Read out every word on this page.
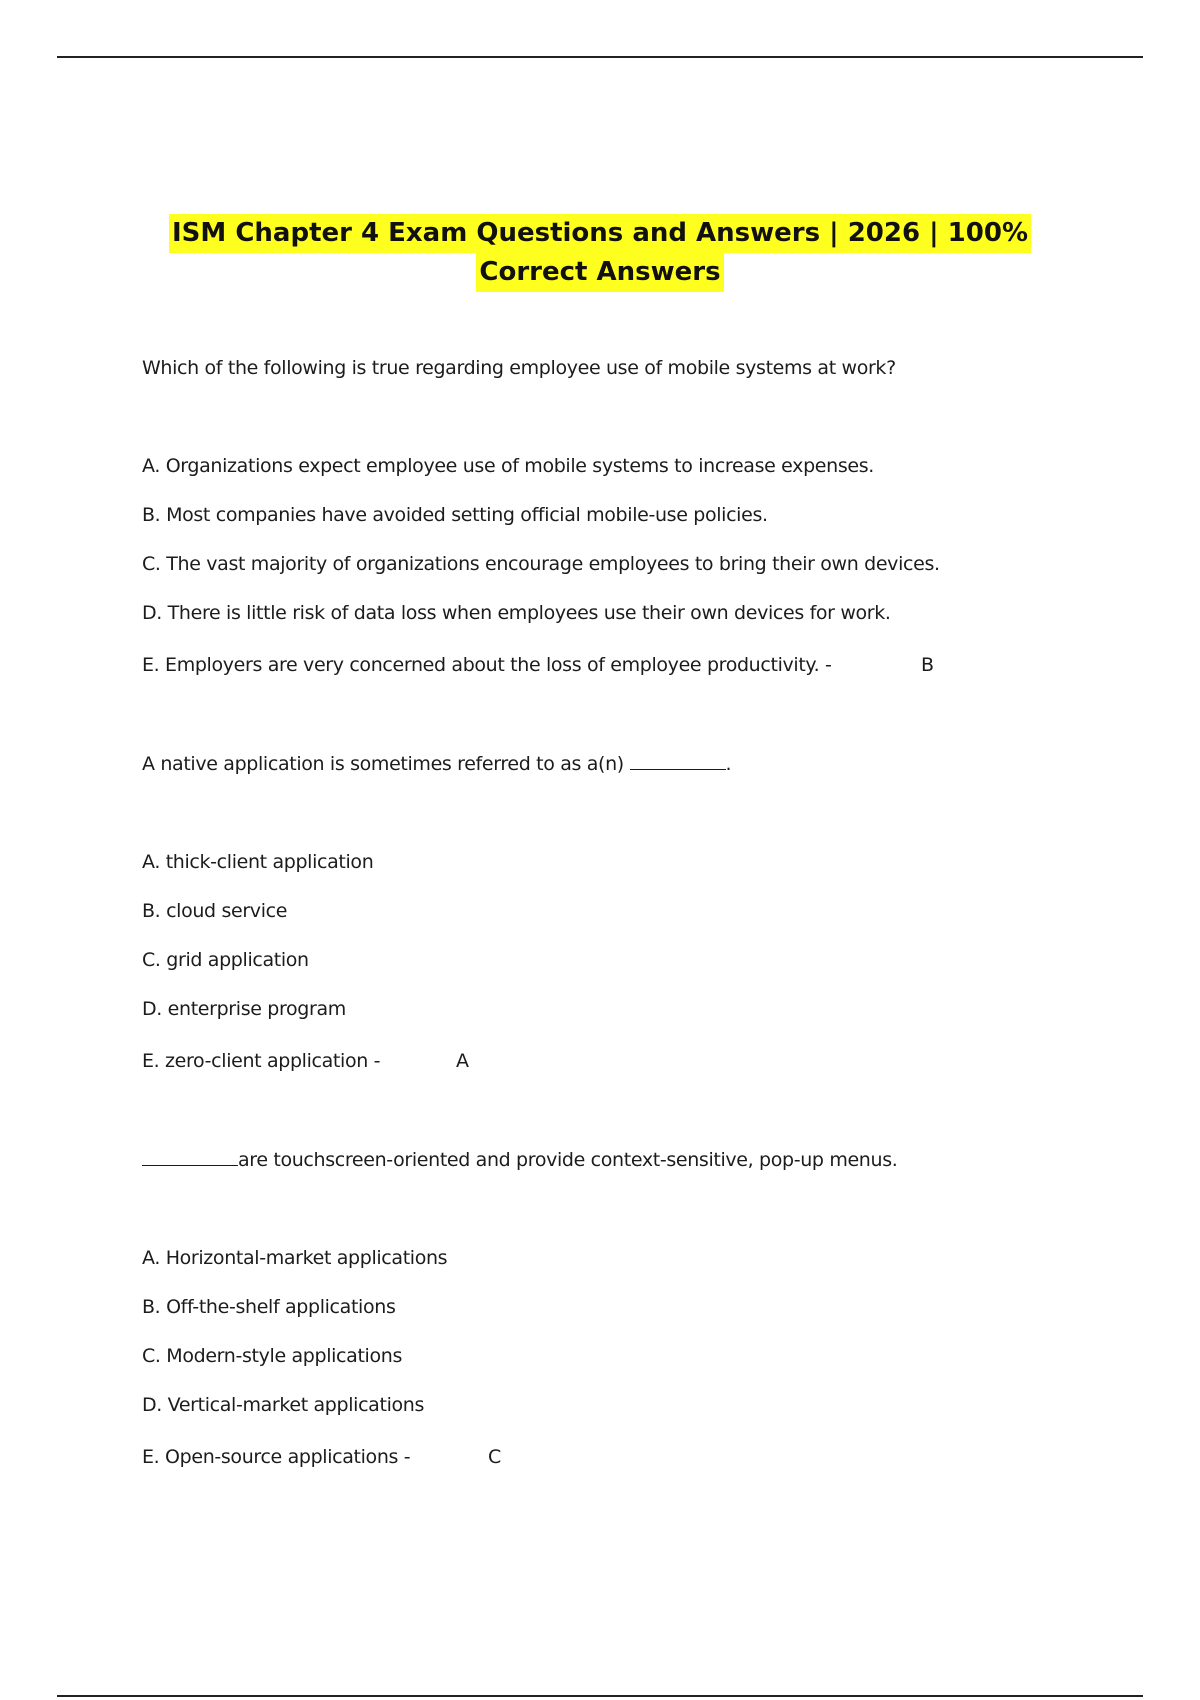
ISM Chapter 4 Exam Questions and Answers | 2026 | 100%
Correct Answers
Which of the following is true regarding employee use of mobile systems at work?
A. Organizations expect employee use of mobile systems to increase expenses.
B. Most companies have avoided setting official mobile-use policies.
C. The vast majority of organizations encourage employees to bring their own devices.
D. There is little risk of data loss when employees use their own devices for work.
E. Employers are very concerned about the loss of employee productivity. -	B
A native application is sometimes referred to as a(n)	.
A. thick-client application
B. cloud service
C. grid application
D. enterprise program
E. zero-client application -	A
are touchscreen-oriented and provide context-sensitive, pop-up menus.
A. Horizontal-market applications
B. Off-the-shelf applications
C. Modern-style applications
D. Vertical-market applications
E. Open-source applications -	C
